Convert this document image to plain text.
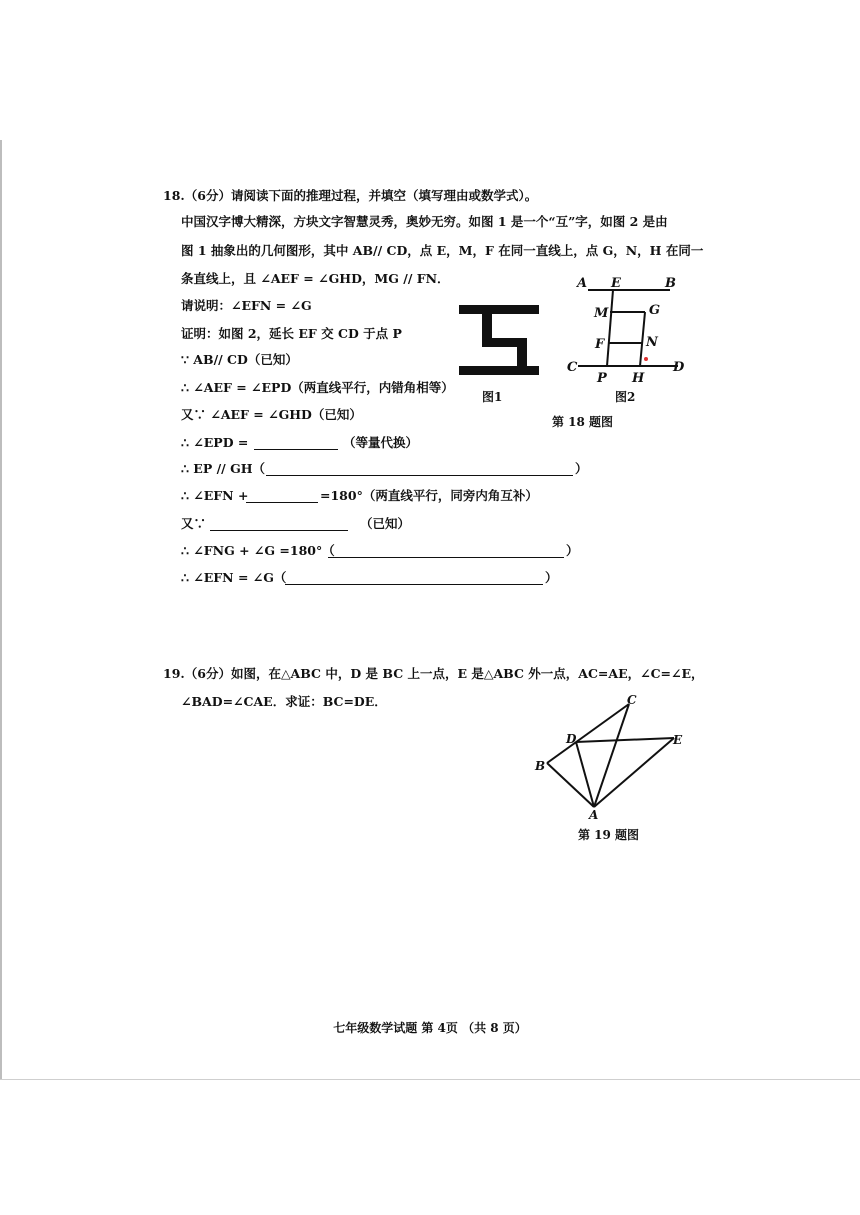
18.（6分）请阅读下面的推理过程，并填空（填写理由或数学式）。
中国汉字博大精深，方块文字智慧灵秀，奥妙无穷。如图 1 是一个“互”字，如图 2 是由
图 1 抽象出的几何图形，其中 AB// CD，点 E，M，F 在同一直线上，点 G，N，H 在同一
条直线上，且 ∠AEF = ∠GHD，MG // FN．
请说明：∠EFN = ∠G
证明：如图 2，延长 EF 交 CD 于点 P
∵ AB// CD（已知）
∴ ∠AEF = ∠EPD（两直线平行，内错角相等）
又∵ ∠AEF = ∠GHD（已知）
∴ ∠EPD =	（等量代换）
∴ EP // GH（	）
∴ ∠EFN +	=180°（两直线平行，同旁内角互补）
又∵	（已知）
∴ ∠FNG + ∠G =180°（	）
∴ ∠EFN = ∠G（	）
图1
A E	B
M	G
F	N
C
P H
D
图2
第 18 题图
19.（6分）如图，在△ABC 中，D 是 BC 上一点，E 是△ABC 外一点，AC=AE，∠C=∠E，
∠BAD=∠CAE．求证：BC=DE．	C
D	E
B
A
第 19 题图
七年级数学试题 第 4页 （共 8 页）
